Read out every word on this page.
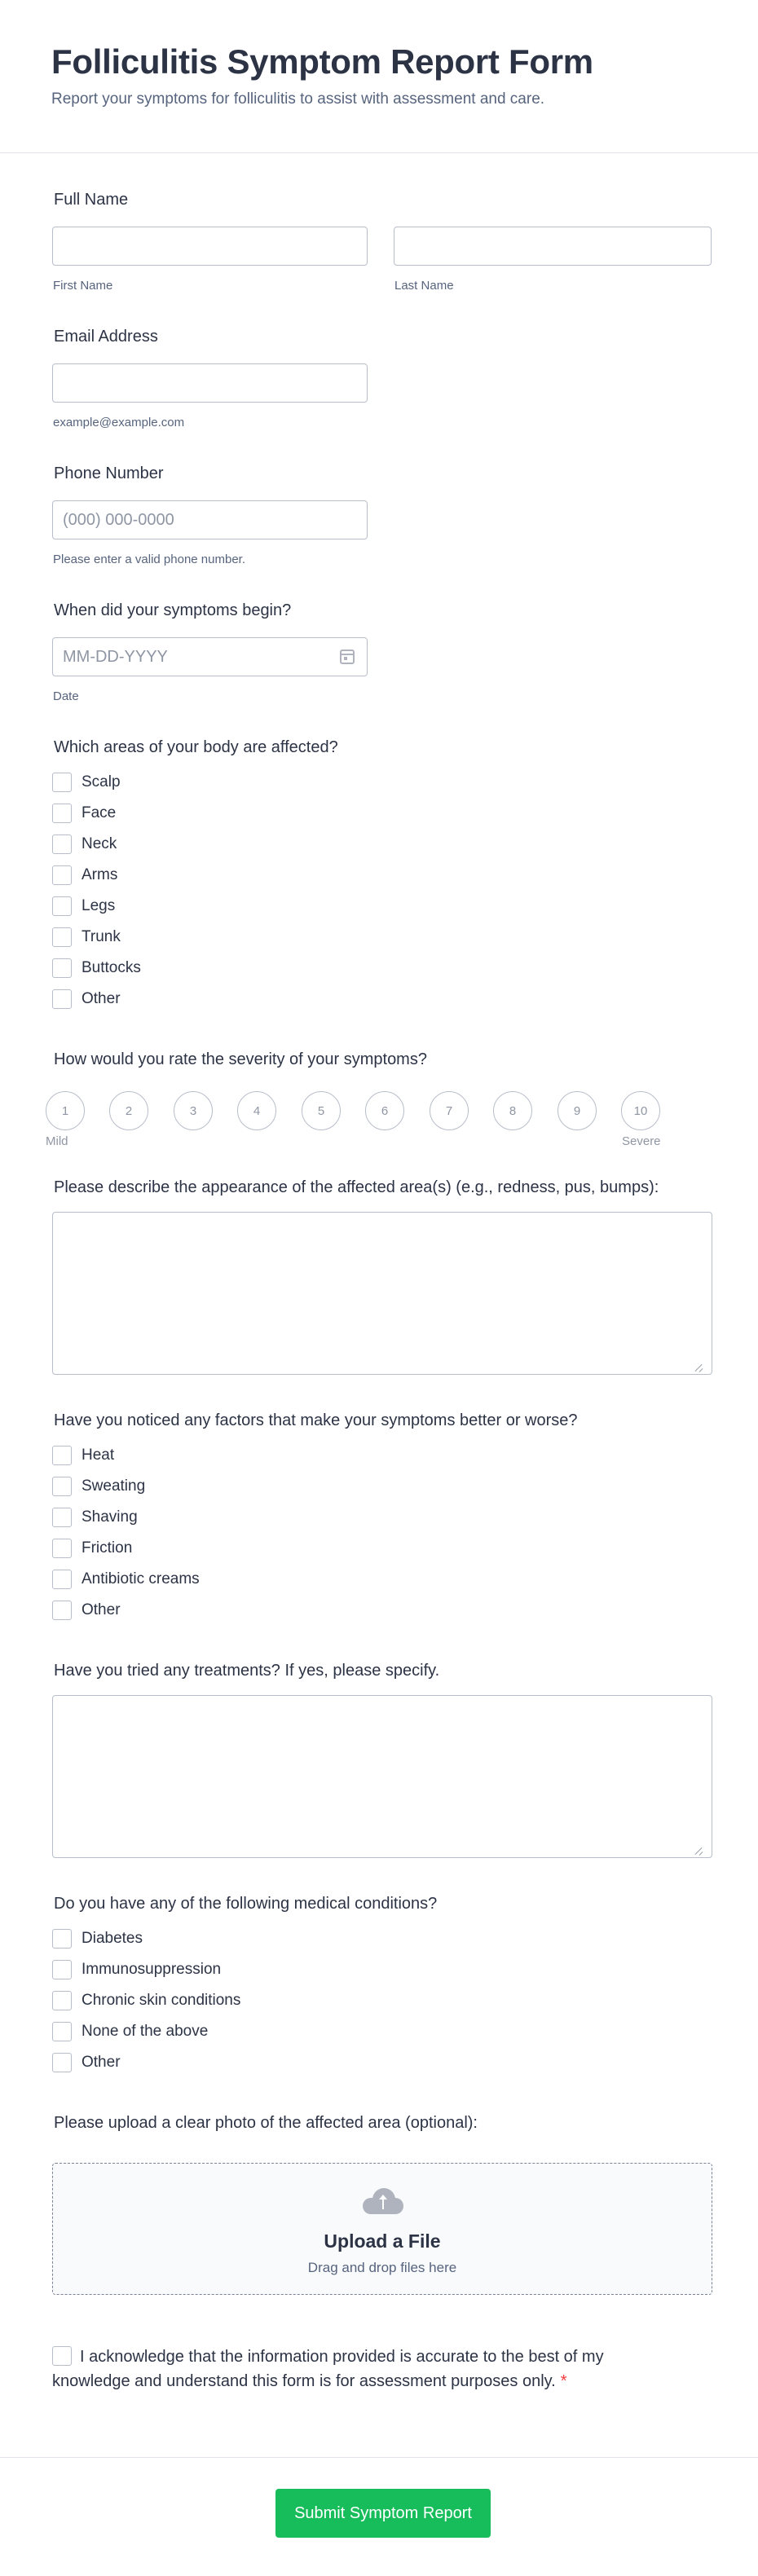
Folliculitis Symptom Report Form

Report your symptoms for folliculitis to assist with assessment and care.

Full Name
First Name	Last Name
Email Address
example@example.com
Phone Number
(000) 000-0000
Please enter a valid phone number.
When did your symptoms begin?
MM-DD-YYYY
Date
Which areas of your body are affected?
Scalp
Face
Neck
Arms
Legs
Trunk
Buttocks
Other
How would you rate the severity of your symptoms?
1	2	3	4	5	6	7	8	9	10
Mild	Severe
Please describe the appearance of the affected area(s) (e.g., redness, pus, bumps):
Have you noticed any factors that make your symptoms better or worse?
Heat
Sweating
Shaving
Friction
Antibiotic creams
Other
Have you tried any treatments? If yes, please specify.
Do you have any of the following medical conditions?
Diabetes
Immunosuppression
Chronic skin conditions
None of the above
Other
Please upload a clear photo of the affected area (optional):
Upload a File
Drag and drop files here
I acknowledge that the information provided is accurate to the best of my knowledge and understand this form is for assessment purposes only. *
Submit Symptom Report
